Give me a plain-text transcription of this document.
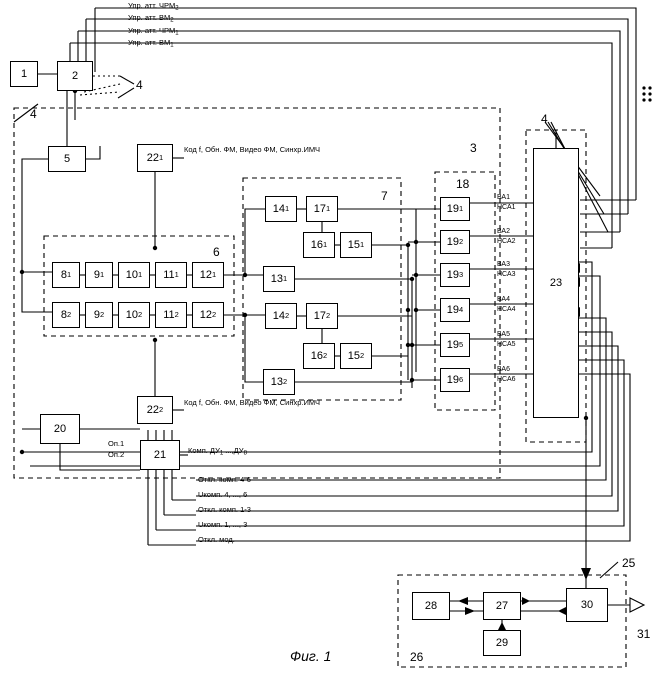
Упр. атт. $ЧРМ_2$
Упр. атт. $ВМ_2$
Упр. атт. $ЧРМ_1$
Упр. атт. $ВМ_1$
1	2
5	22 1
8 1 9 1 10 1 11 1 12 1
8 2 9 2 10 2 11 2 12 2
13 1
14 1 17 1
16 1 15 1
14 2 17 2
16 2 15 2
13 2
19 1
19 2
19 3
19 4
19 5
19 6
23
22 2
20
21
28	27
29
30
4
4	4
3
7
18
6
25
26
31
ВА1
НСА1
ВА2
НСА2
ВА3
НСА3
ВА4
НСА4
ВА5
НСА5
ВА6
НСА6
Код f, Обн. ФМ, Видео ФМ, Синхр.ИМЧ
Код f, Обн. ФМ, Видео ФМ, Синхр.ИМЧ
Комп. $ДУ_1$ $...,ДУ_8$
Оп.1
Оп.2
Откл. комп. 4-6
Uкомп. 4, ..., 6
Откл. комп. 1-3
Uкомп. 1, ..., 3
Откл. мод.
Фиг. 1
